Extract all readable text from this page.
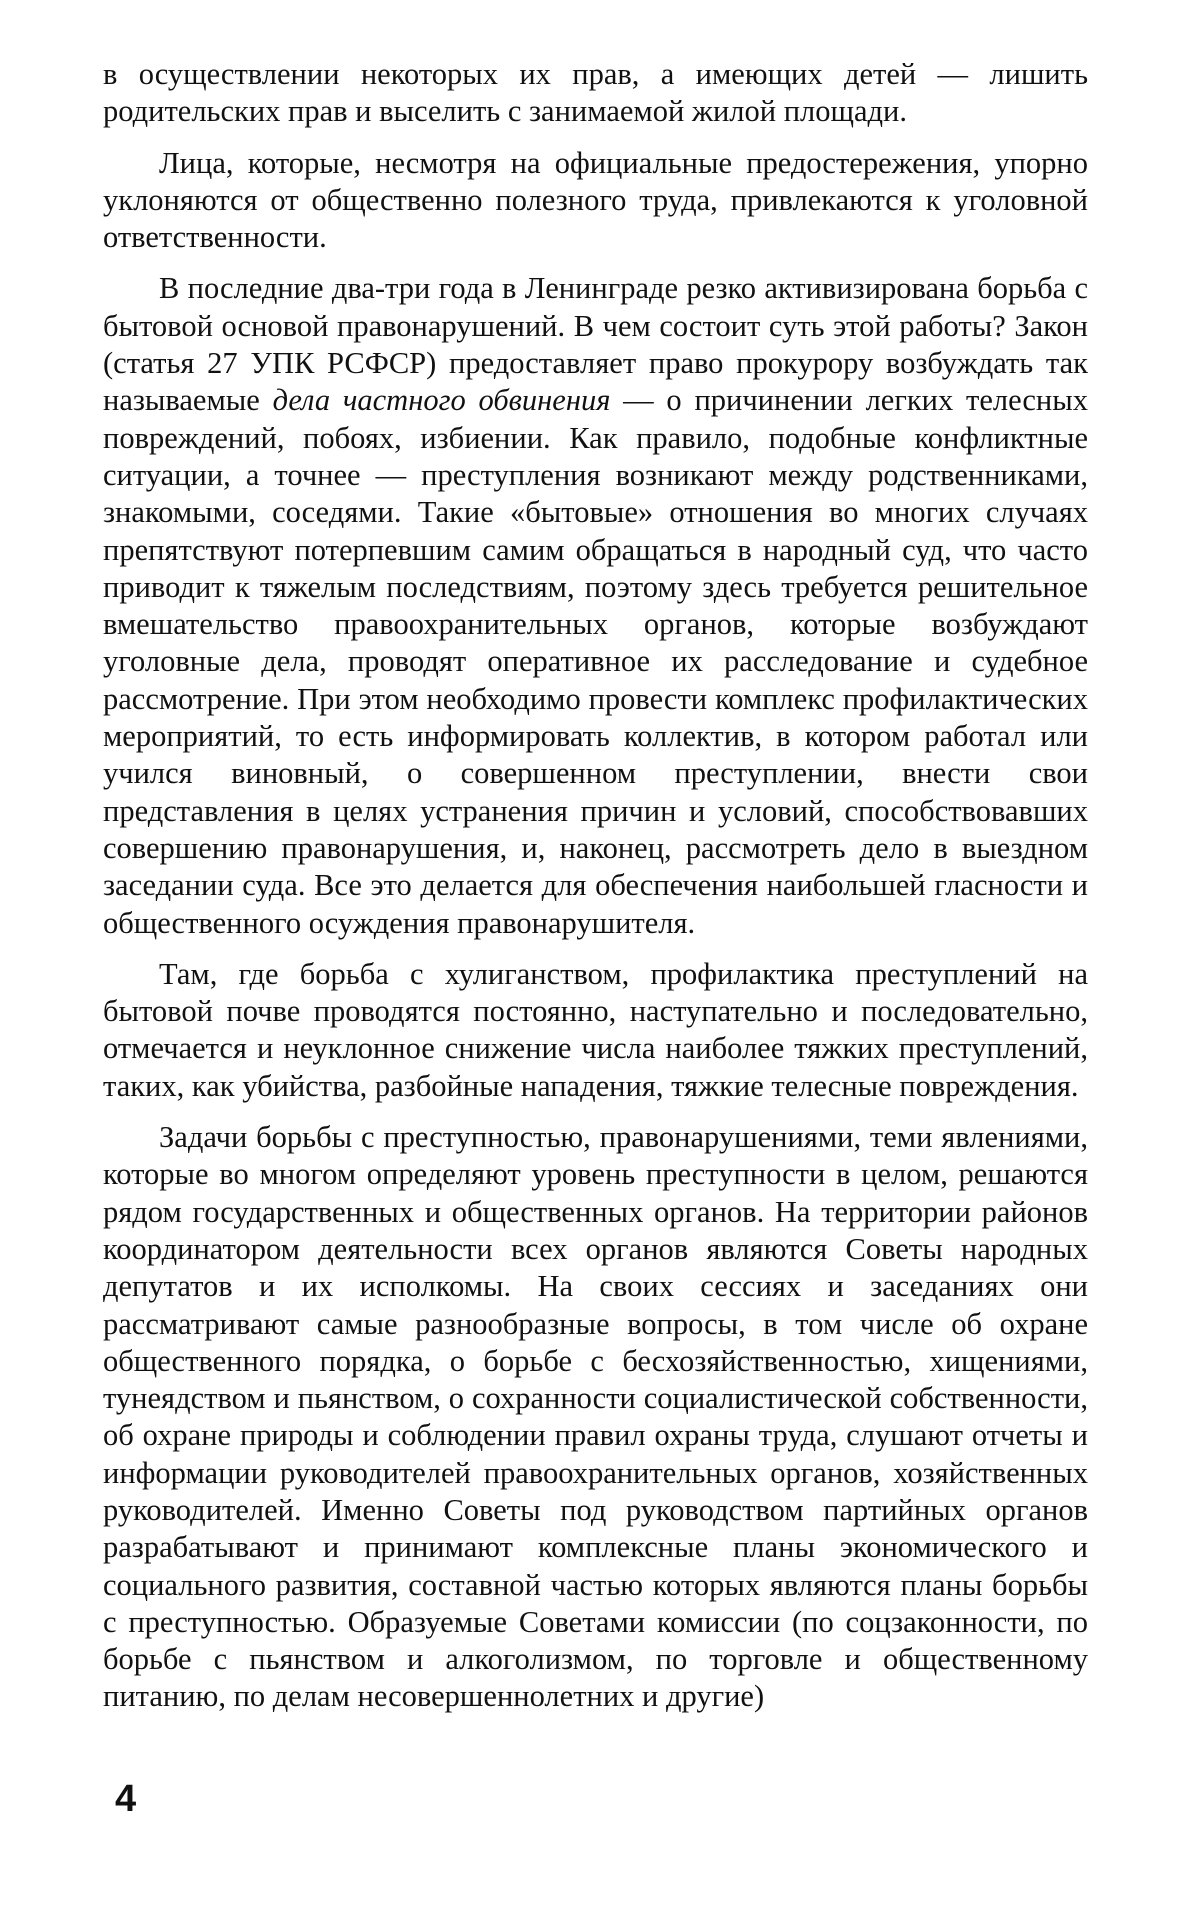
в осуществлении некоторых их прав, а имеющих детей — лишить родительских прав и выселить с занимаемой жилой площади.

Лица, которые, несмотря на официальные предостережения, упорно уклоняются от общественно полезного труда, привлекаются к уголовной ответственности.

В последние два-три года в Ленинграде резко активизирована борьба с бытовой основой правонарушений. В чем состоит суть этой работы? Закон (статья 27 УПК РСФСР) предоставляет право прокурору возбуждать так называемые дела частного обвинения — о причинении легких телесных повреждений, побоях, избиении. Как правило, подобные конфликтные ситуации, а точнее — преступления возникают между родственниками, знакомыми, соседями. Такие «бытовые» отношения во многих случаях препятствуют потерпевшим самим обращаться в народный суд, что часто приводит к тяжелым последствиям, поэтому здесь требуется решительное вмешательство правоохранительных органов, которые возбуждают уголовные дела, проводят оперативное их расследование и судебное рассмотрение. При этом необходимо провести комплекс профилактических мероприятий, то есть информировать коллектив, в котором работал или учился виновный, о совершенном преступлении, внести свои представления в целях устранения причин и условий, способствовавших совершению правонарушения, и, наконец, рассмотреть дело в выездном заседании суда. Все это делается для обеспечения наибольшей гласности и общественного осуждения правонарушителя.

Там, где борьба с хулиганством, профилактика преступлений на бытовой почве проводятся постоянно, наступательно и последовательно, отмечается и неуклонное снижение числа наиболее тяжких преступлений, таких, как убийства, разбойные нападения, тяжкие телесные повреждения.

Задачи борьбы с преступностью, правонарушениями, теми явлениями, которые во многом определяют уровень преступности в целом, решаются рядом государственных и общественных органов. На территории районов координатором деятельности всех органов являются Советы народных депутатов и их исполкомы. На своих сессиях и заседаниях они рассматривают самые разнообразные вопросы, в том числе об охране общественного порядка, о борьбе с бесхозяйственностью, хищениями, тунеядством и пьянством, о сохранности социалистической собственности, об охране природы и соблюдении правил охраны труда, слушают отчеты и информации руководителей правоохранительных органов, хозяйственных руководителей. Именно Советы под руководством партийных органов разрабатывают и принимают комплексные планы экономического и социального развития, составной частью которых являются планы борьбы с преступностью. Образуемые Советами комиссии (по соцзаконности, по борьбе с пьянством и алкоголизмом, по торговле и общественному питанию, по делам несовершеннолетних и другие)

4
